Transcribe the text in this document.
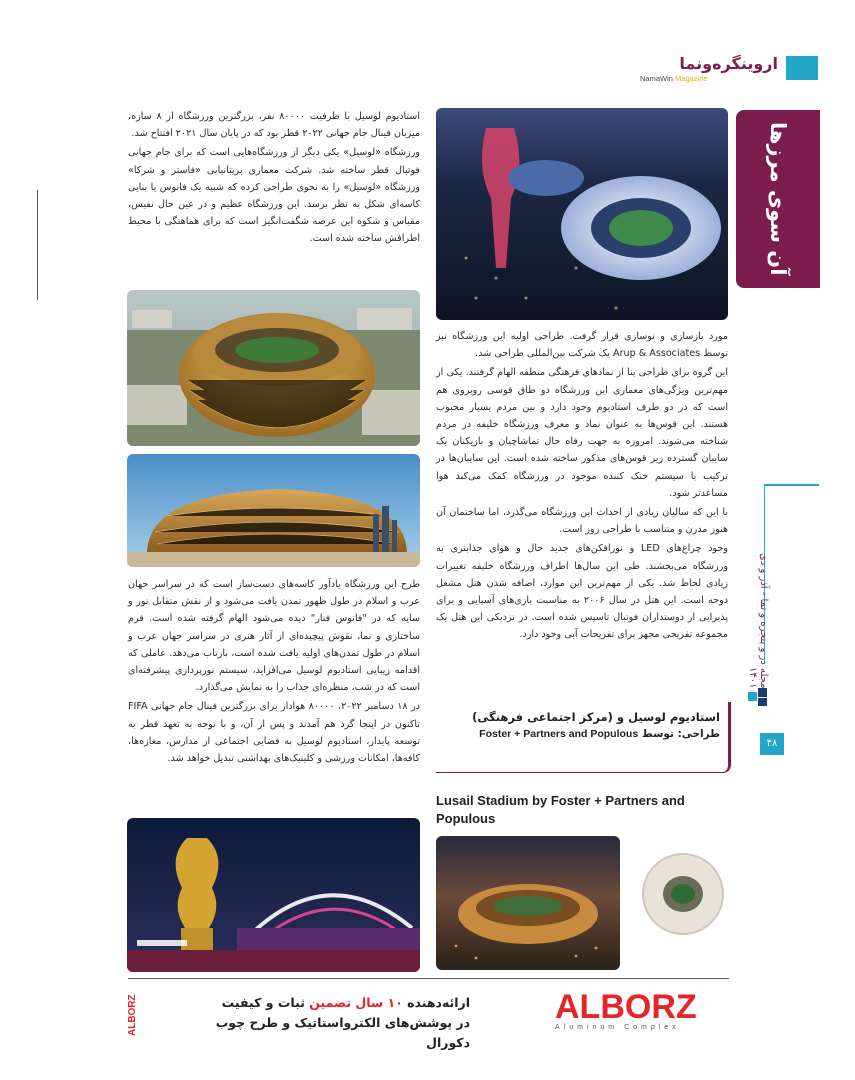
اروینگره‌ونما
NamaWin Magazine
آن سوی مرزها

استادیوم لوسیل با ظرفیت ۸۰۰۰۰ نفر، بزرگترین ورزشگاه از ۸ سازه، میزبان فینال جام جهانی ۲۰۲۲ قطر بود که در پایان سال ۲۰۲۱ افتتاح شد.

ورزشگاه «لوسیل» یکی دیگر از ورزشگاه‌هایی است که برای جام جهانی فوتبال قطر ساخته شد. شرکت معماری بریتانیایی «فاستر و شرکا» ورزشگاه «لوسیل» را به نحوی طراحی کرده که شبیه یک فانوس یا بنایی کاسه‌ای شکل به نظر برسد. این ورزشگاه عظیم و در عین حال نفیس، مقیاس و شکوه این عرصه شگفت‌انگیز است که برای هماهنگی با محیط اطرافش ساخته شده است.

طرح این ورزشگاه یادآور کاسه‌های دست‌ساز است که در سراسر جهان عرب و اسلام در طول ظهور تمدن یافت می‌شود و از نقش متقابل نور و سایه که در "فانوس فنار" دیده می‌شود الهام گرفته شده است. فرم ساختاری و نما، نقوش پیچیده‌ای از آثار هنری در سراسر جهان عرب و اسلام در طول تمدن‌های اولیه یافت شده است، بازتاب می‌دهد. عاملی که اقدامه زیبایی استادیوم لوسیل می‌افزاید، سیستم نورپردازی پیشرفته‌ای است که در شب، منظره‌ای جذاب را به نمایش می‌گذارد.

در ۱۸ دسامبر ۲۰۲۲، ۸۰۰۰۰ هوادار برای بزرگترین فینال جام جهانی FIFA تاکنون در اینجا گرد هم آمدند و پس از آن، و با توجه به تعهد قطر به توسعه پایدار، استادیوم لوسیل به فضایی اجتماعی از مدارس، مغازه‌ها، کافه‌ها، امکانات ورزشی و کلینیک‌های بهداشتی تبدیل خواهد شد.

مورد بازسازی و نوسازی قرار گرفت. طراحی اولیه این ورزشگاه نیز توسط Arup & Associates یک شرکت بین‌المللی طراحی شد.

این گروه برای طراحی بنا از نمادهای فرهنگی منطقه الهام گرفتند. یکی از مهم‌ترین ویژگی‌های معماری این ورزشگاه دو طاق قوسی روبروی هم است که در دو طرف استادیوم وجود دارد و بین مردم بسیار محبوب هستند. این قوس‌ها به عنوان نماد و معرف ورزشگاه خلیفه در مردم شناخته می‌شوند. امروزه به جهت رفاه حال تماشاچیان و بازیکنان یک سایبان گسترده زیر قوس‌های مذکور ساخته شده است. این سایبان‌ها در ترکیب با سیستم خنک کننده موجود در ورزشگاه کمک می‌کند هوا مساعدتر شود.

با این که سالیان زیادی از احداث این ورزشگاه می‌گذرد، اما ساختمان آن هنوز مدرن و متناسب با طراحی روز است.

وجود چراغ‌های LED و نورافکن‌های جدید حال و هوای جذابتری به ورزشگاه می‌بخشند. طی این سال‌ها اطراف ورزشگاه خلیفه تغییرات زیادی لحاظ شد. یکی از مهم‌ترین این موارد، اضافه شدن هتل مشعل دوحه است. این هتل در سال ۲۰۰۶ به مناسبت بازی‌های آسیایی و برای پذیرایی از دوستداران فوتبال تاسیس شده است. در نزدیکی این هتل یک مجموعه تفریحی مجهز برای تفریحات آبی وجود دارد.	مجله در و پنجره و نما - آذر و دی ۱۴۰۱
۴۸
استادیوم لوسیل و (مرکز اجتماعی فرهنگی)
طراحی: توسط Foster + Partners and Populous
Lusail Stadium by Foster + Partners and Populous
ALBORZ	ارائه‌دهنده ۱۰ سال تضمین ثبات و کیفیت
در پوشش‌های الکترواستاتیک و طرح چوب دکورال
ALBORZ
Aluminum Complex
